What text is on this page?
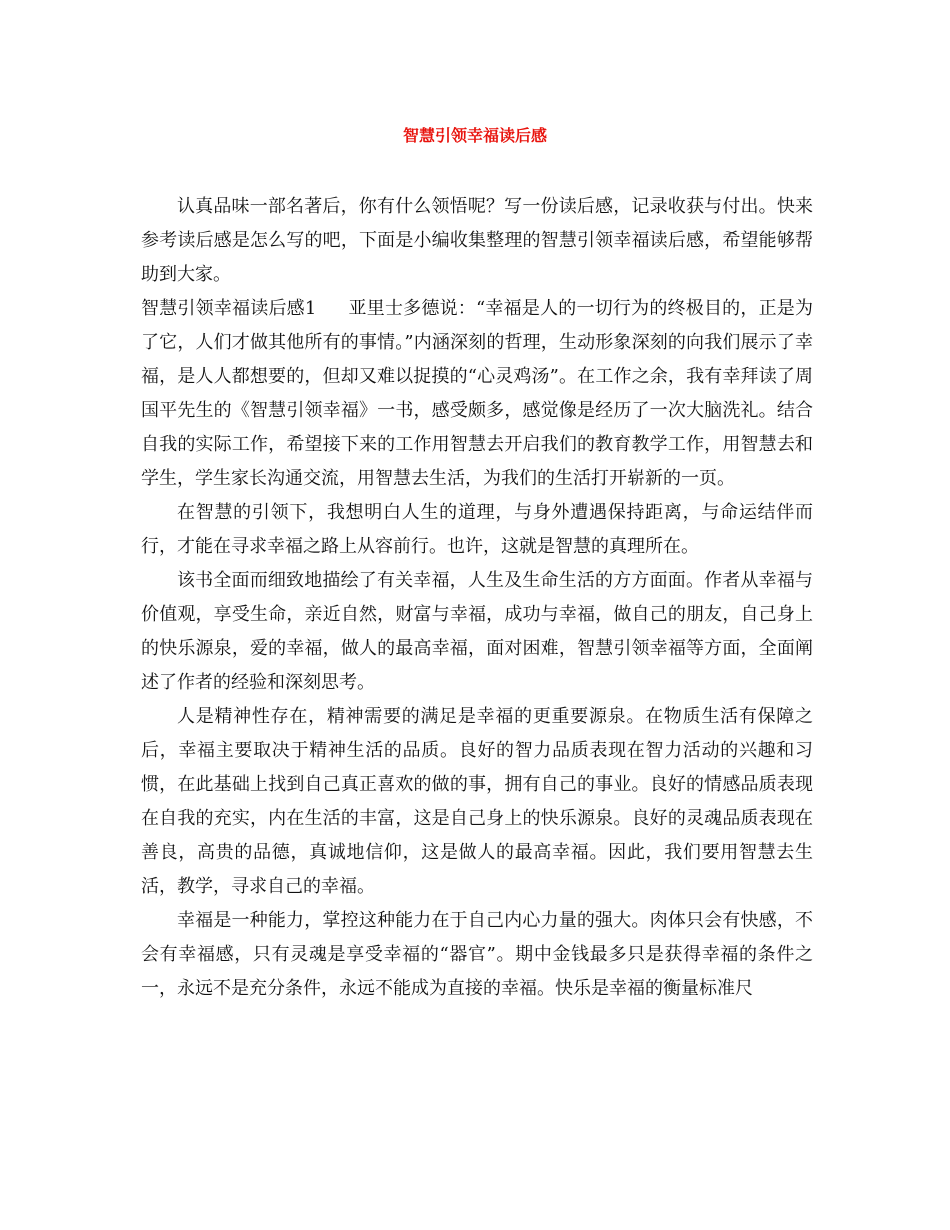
智慧引领幸福读后感

认真品味一部名著后，你有什么领悟呢？写一份读后感，记录收获与付出。快来参考读后感是怎么写的吧，下面是小编收集整理的智慧引领幸福读后感，希望能够帮助到大家。

智慧引领幸福读后感1 亚里士多德说：“幸福是人的一切行为的终极目的，正是为了它，人们才做其他所有的事情。”内涵深刻的哲理，生动形象深刻的向我们展示了幸福，是人人都想要的，但却又难以捉摸的“心灵鸡汤”。在工作之余，我有幸拜读了周国平先生的《智慧引领幸福》一书，感受颇多，感觉像是经历了一次大脑洗礼。结合自我的实际工作，希望接下来的工作用智慧去开启我们的教育教学工作，用智慧去和学生，学生家长沟通交流，用智慧去生活，为我们的生活打开崭新的一页。

在智慧的引领下，我想明白人生的道理，与身外遭遇保持距离，与命运结伴而行，才能在寻求幸福之路上从容前行。也许，这就是智慧的真理所在。

该书全面而细致地描绘了有关幸福，人生及生命生活的方方面面。作者从幸福与价值观，享受生命，亲近自然，财富与幸福，成功与幸福，做自己的朋友，自己身上的快乐源泉，爱的幸福，做人的最高幸福，面对困难，智慧引领幸福等方面，全面阐述了作者的经验和深刻思考。

人是精神性存在，精神需要的满足是幸福的更重要源泉。在物质生活有保障之后，幸福主要取决于精神生活的品质。良好的智力品质表现在智力活动的兴趣和习惯，在此基础上找到自己真正喜欢的做的事，拥有自己的事业。良好的情感品质表现在自我的充实，内在生活的丰富，这是自己身上的快乐源泉。良好的灵魂品质表现在善良，高贵的品德，真诚地信仰，这是做人的最高幸福。因此，我们要用智慧去生活，教学，寻求自己的幸福。

幸福是一种能力，掌控这种能力在于自己内心力量的强大。肉体只会有快感，不会有幸福感，只有灵魂是享受幸福的“器官”。期中金钱最多只是获得幸福的条件之一，永远不是充分条件，永远不能成为直接的幸福。快乐是幸福的衡量标准尺
